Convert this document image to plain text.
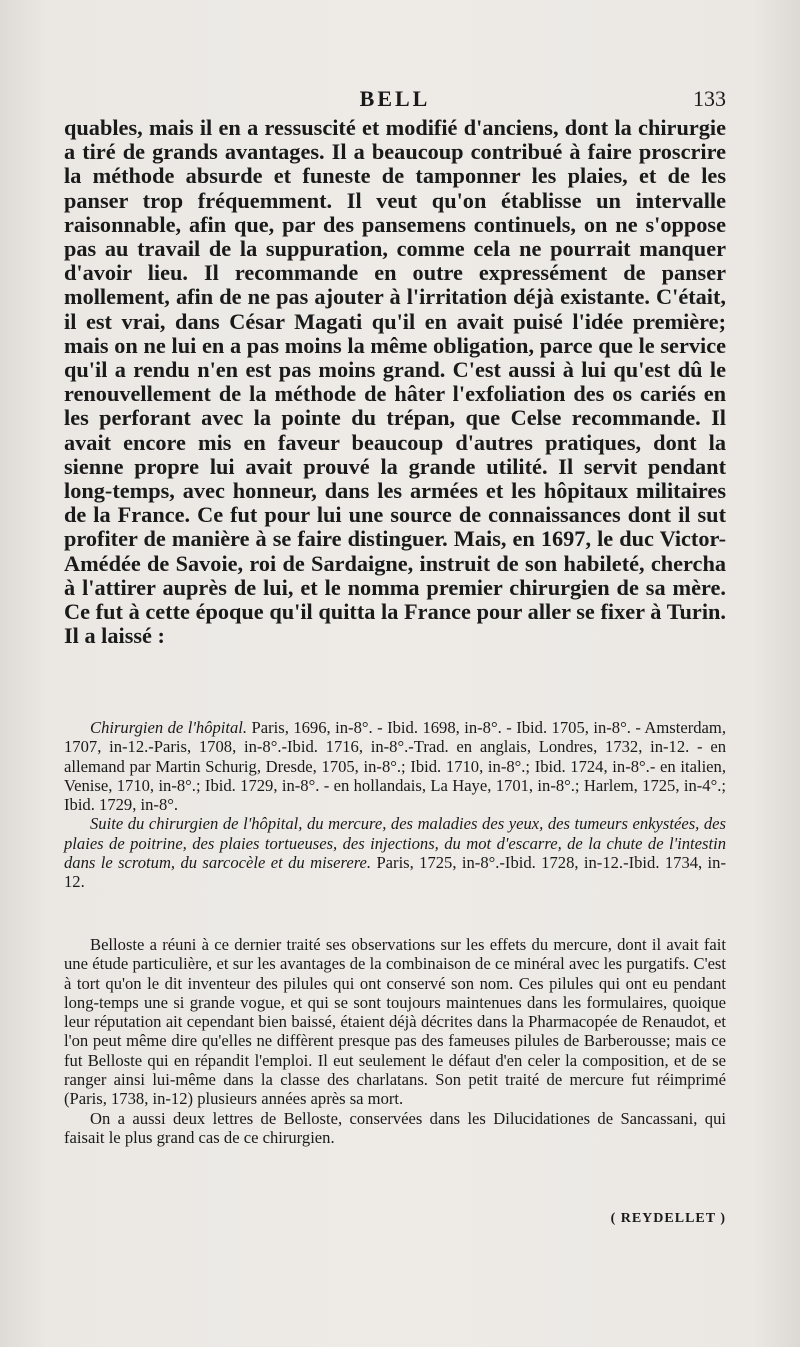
BELL	133

quables, mais il en a ressuscité et modifié d'anciens, dont la chirurgie a tiré de grands avantages. Il a beaucoup contribué à faire proscrire la méthode absurde et funeste de tamponner les plaies, et de les panser trop fréquemment. Il veut qu'on établisse un intervalle raisonnable, afin que, par des pansemens continuels, on ne s'oppose pas au travail de la suppuration, comme cela ne pourrait manquer d'avoir lieu. Il recommande en outre expressément de panser mollement, afin de ne pas ajouter à l'irritation déjà existante. C'était, il est vrai, dans César Magati qu'il en avait puisé l'idée première; mais on ne lui en a pas moins la même obligation, parce que le service qu'il a rendu n'en est pas moins grand. C'est aussi à lui qu'est dû le renouvellement de la méthode de hâter l'exfoliation des os cariés en les perforant avec la pointe du trépan, que Celse recommande. Il avait encore mis en faveur beaucoup d'autres pratiques, dont la sienne propre lui avait prouvé la grande utilité. Il servit pendant long-temps, avec honneur, dans les armées et les hôpitaux militaires de la France. Ce fut pour lui une source de connaissances dont il sut profiter de manière à se faire distinguer. Mais, en 1697, le duc Victor-Amédée de Savoie, roi de Sardaigne, instruit de son habileté, chercha à l'attirer auprès de lui, et le nomma premier chirurgien de sa mère. Ce fut à cette époque qu'il quitta la France pour aller se fixer à Turin. Il a laissé :

Chirurgien de l'hôpital. Paris, 1696, in-8°. - Ibid. 1698, in-8°. - Ibid. 1705, in-8°. - Amsterdam, 1707, in-12.-Paris, 1708, in-8°.-Ibid. 1716, in-8°.-Trad. en anglais, Londres, 1732, in-12. - en allemand par Martin Schurig, Dresde, 1705, in-8°.; Ibid. 1710, in-8°.; Ibid. 1724, in-8°.- en italien, Venise, 1710, in-8°.; Ibid. 1729, in-8°. - en hollandais, La Haye, 1701, in-8°.; Harlem, 1725, in-4°.; Ibid. 1729, in-8°.

Suite du chirurgien de l'hôpital, du mercure, des maladies des yeux, des tumeurs enkystées, des plaies de poitrine, des plaies tortueuses, des injections, du mot d'escarre, de la chute de l'intestin dans le scrotum, du sarcocèle et du miserere. Paris, 1725, in-8°.-Ibid. 1728, in-12.-Ibid. 1734, in-12.

Belloste a réuni à ce dernier traité ses observations sur les effets du mercure, dont il avait fait une étude particulière, et sur les avantages de la combinaison de ce minéral avec les purgatifs. C'est à tort qu'on le dit inventeur des pilules qui ont conservé son nom. Ces pilules qui ont eu pendant long-temps une si grande vogue, et qui se sont toujours maintenues dans les formulaires, quoique leur réputation ait cependant bien baissé, étaient déjà décrites dans la Pharmacopée de Renaudot, et l'on peut même dire qu'elles ne diffèrent presque pas des fameuses pilules de Barberousse; mais ce fut Belloste qui en répandit l'emploi. Il eut seulement le défaut d'en celer la composition, et de se ranger ainsi lui-même dans la classe des charlatans. Son petit traité de mercure fut réimprimé (Paris, 1738, in-12) plusieurs années après sa mort.

On a aussi deux lettres de Belloste, conservées dans les Dilucidationes de Sancassani, qui faisait le plus grand cas de ce chirurgien.

( REYDELLET )
